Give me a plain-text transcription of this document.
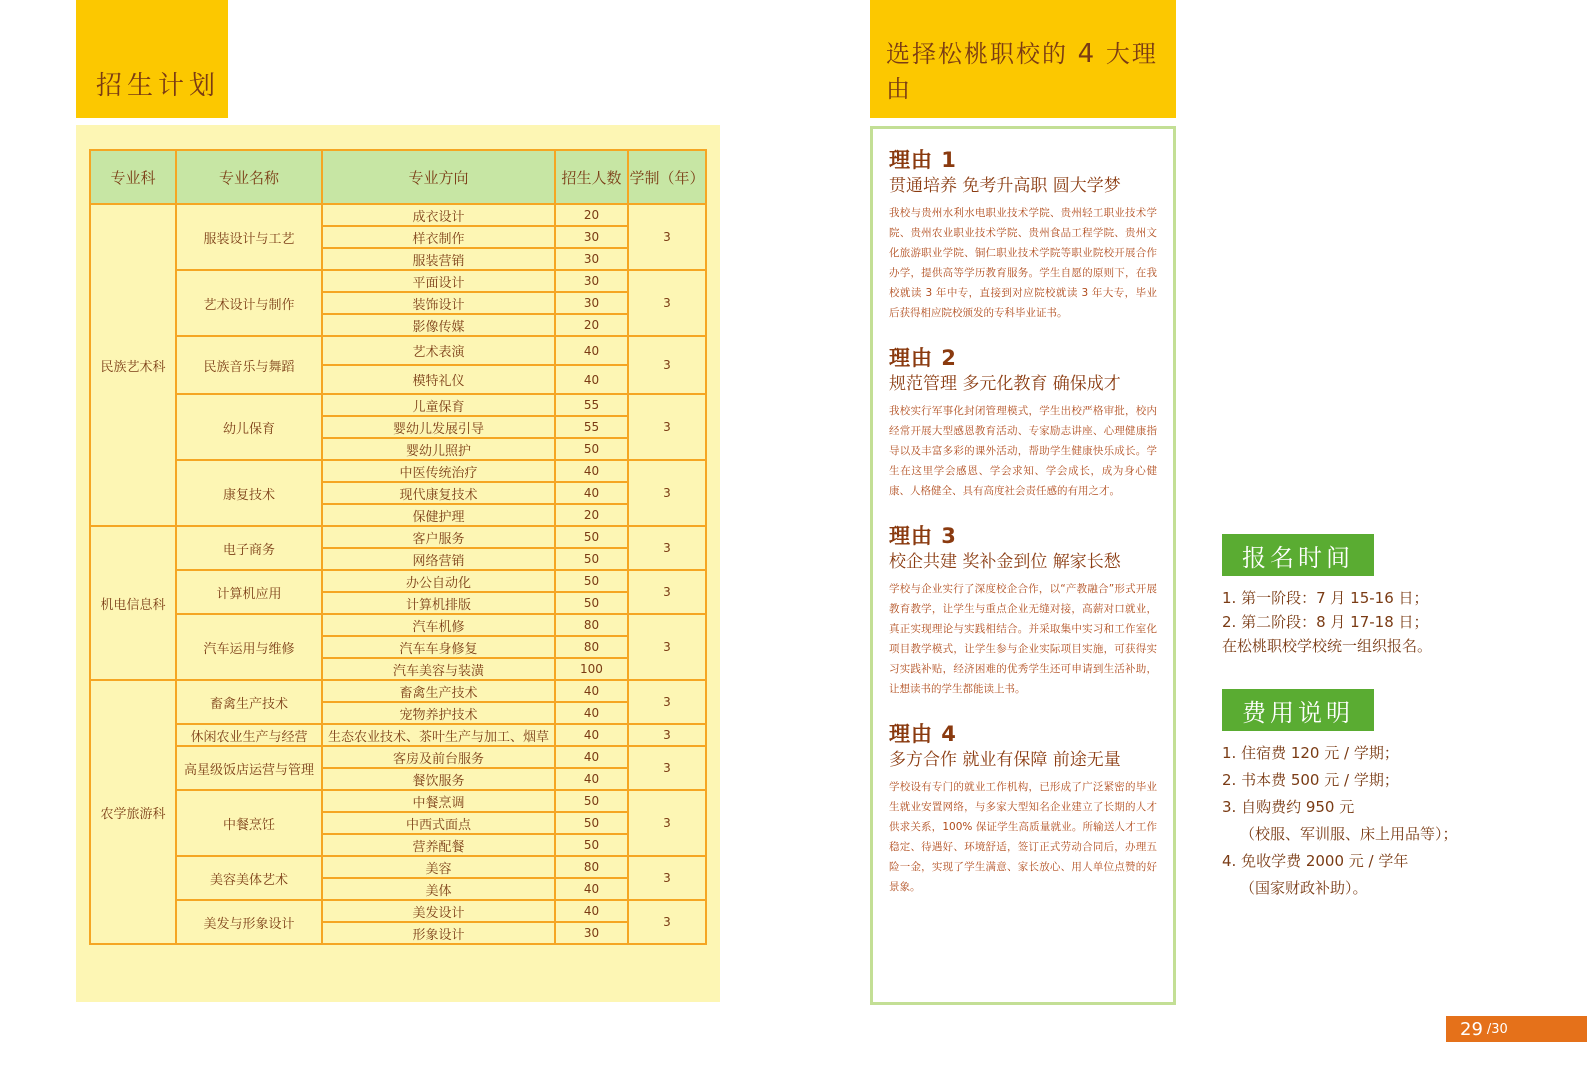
招生计划
专业科	专业名称	专业方向	招生人数	学制（年）
民族艺术科	服装设计与工艺	成衣设计	20	3
		样衣制作	30	
		服装营销	30	
	艺术设计与制作	平面设计	30	3
		装饰设计	30	
		影像传媒	20	
	民族音乐与舞蹈	艺术表演	40	3
		模特礼仪	40	
	幼儿保育	儿童保育	55	3
		婴幼儿发展引导	55	
		婴幼儿照护	50	
	康复技术	中医传统治疗	40	3
		现代康复技术	40	
		保健护理	20	
机电信息科	电子商务	客户服务	50	3
		网络营销	50	
	计算机应用	办公自动化	50	3
		计算机排版	50	
	汽车运用与维修	汽车机修	80	3
		汽车车身修复	80	
		汽车美容与装潢	100	
农学旅游科	畜禽生产技术	畜禽生产技术	40	3
		宠物养护技术	40	
	休闲农业生产与经营	生态农业技术、茶叶生产与加工、烟草	40	3
	高星级饭店运营与管理	客房及前台服务	40	3
		餐饮服务	40	
	中餐烹饪	中餐烹调	50	3
		中西式面点	50	
		营养配餐	50	
	美容美体艺术	美容	80	3
		美体	40	
	美发与形象设计	美发设计	40	3
		形象设计	30	
选择松桃职校的 4 大理由
理由 1
贯通培养 免考升高职 圆大学梦
我校与贵州水利水电职业技术学院、贵州轻工职业技术学院、贵州农业职业技术学院、贵州食品工程学院、贵州文化旅游职业学院、铜仁职业技术学院等职业院校开展合作办学，提供高等学历教育服务。学生自愿的原则下，在我校就读 3 年中专，直接到对应院校就读 3 年大专，毕业后获得相应院校颁发的专科毕业证书。
理由 2
规范管理 多元化教育 确保成才
我校实行军事化封闭管理模式，学生出校严格审批，校内经常开展大型感恩教育活动、专家励志讲座、心理健康指导以及丰富多彩的课外活动，帮助学生健康快乐成长。学生在这里学会感恩、学会求知、学会成长，成为身心健康、人格健全、具有高度社会责任感的有用之才。
理由 3
校企共建 奖补金到位 解家长愁
学校与企业实行了深度校企合作，以“产教融合”形式开展教育教学，让学生与重点企业无缝对接，高薪对口就业，真正实现理论与实践相结合。并采取集中实习和工作室化项目教学模式，让学生参与企业实际项目实施，可获得实习实践补贴，经济困难的优秀学生还可申请到生活补助，让想读书的学生都能读上书。
理由 4
多方合作 就业有保障 前途无量
学校设有专门的就业工作机构，已形成了广泛紧密的毕业生就业安置网络，与多家大型知名企业建立了长期的人才供求关系，100% 保证学生高质量就业。所输送人才工作稳定、待遇好、环境舒适，签订正式劳动合同后，办理五险一金，实现了学生满意、家长放心、用人单位点赞的好景象。
报名时间
1. 第一阶段：7 月 15-16 日；
2. 第二阶段：8 月 17-18 日；
在松桃职校学校统一组织报名。
费用说明
1. 住宿费 120 元 / 学期；
2. 书本费 500 元 / 学期；
3. 自购费约 950 元
（校服、军训服、床上用品等）；
4. 免收学费 2000 元 / 学年
（国家财政补助）。
29 /30
